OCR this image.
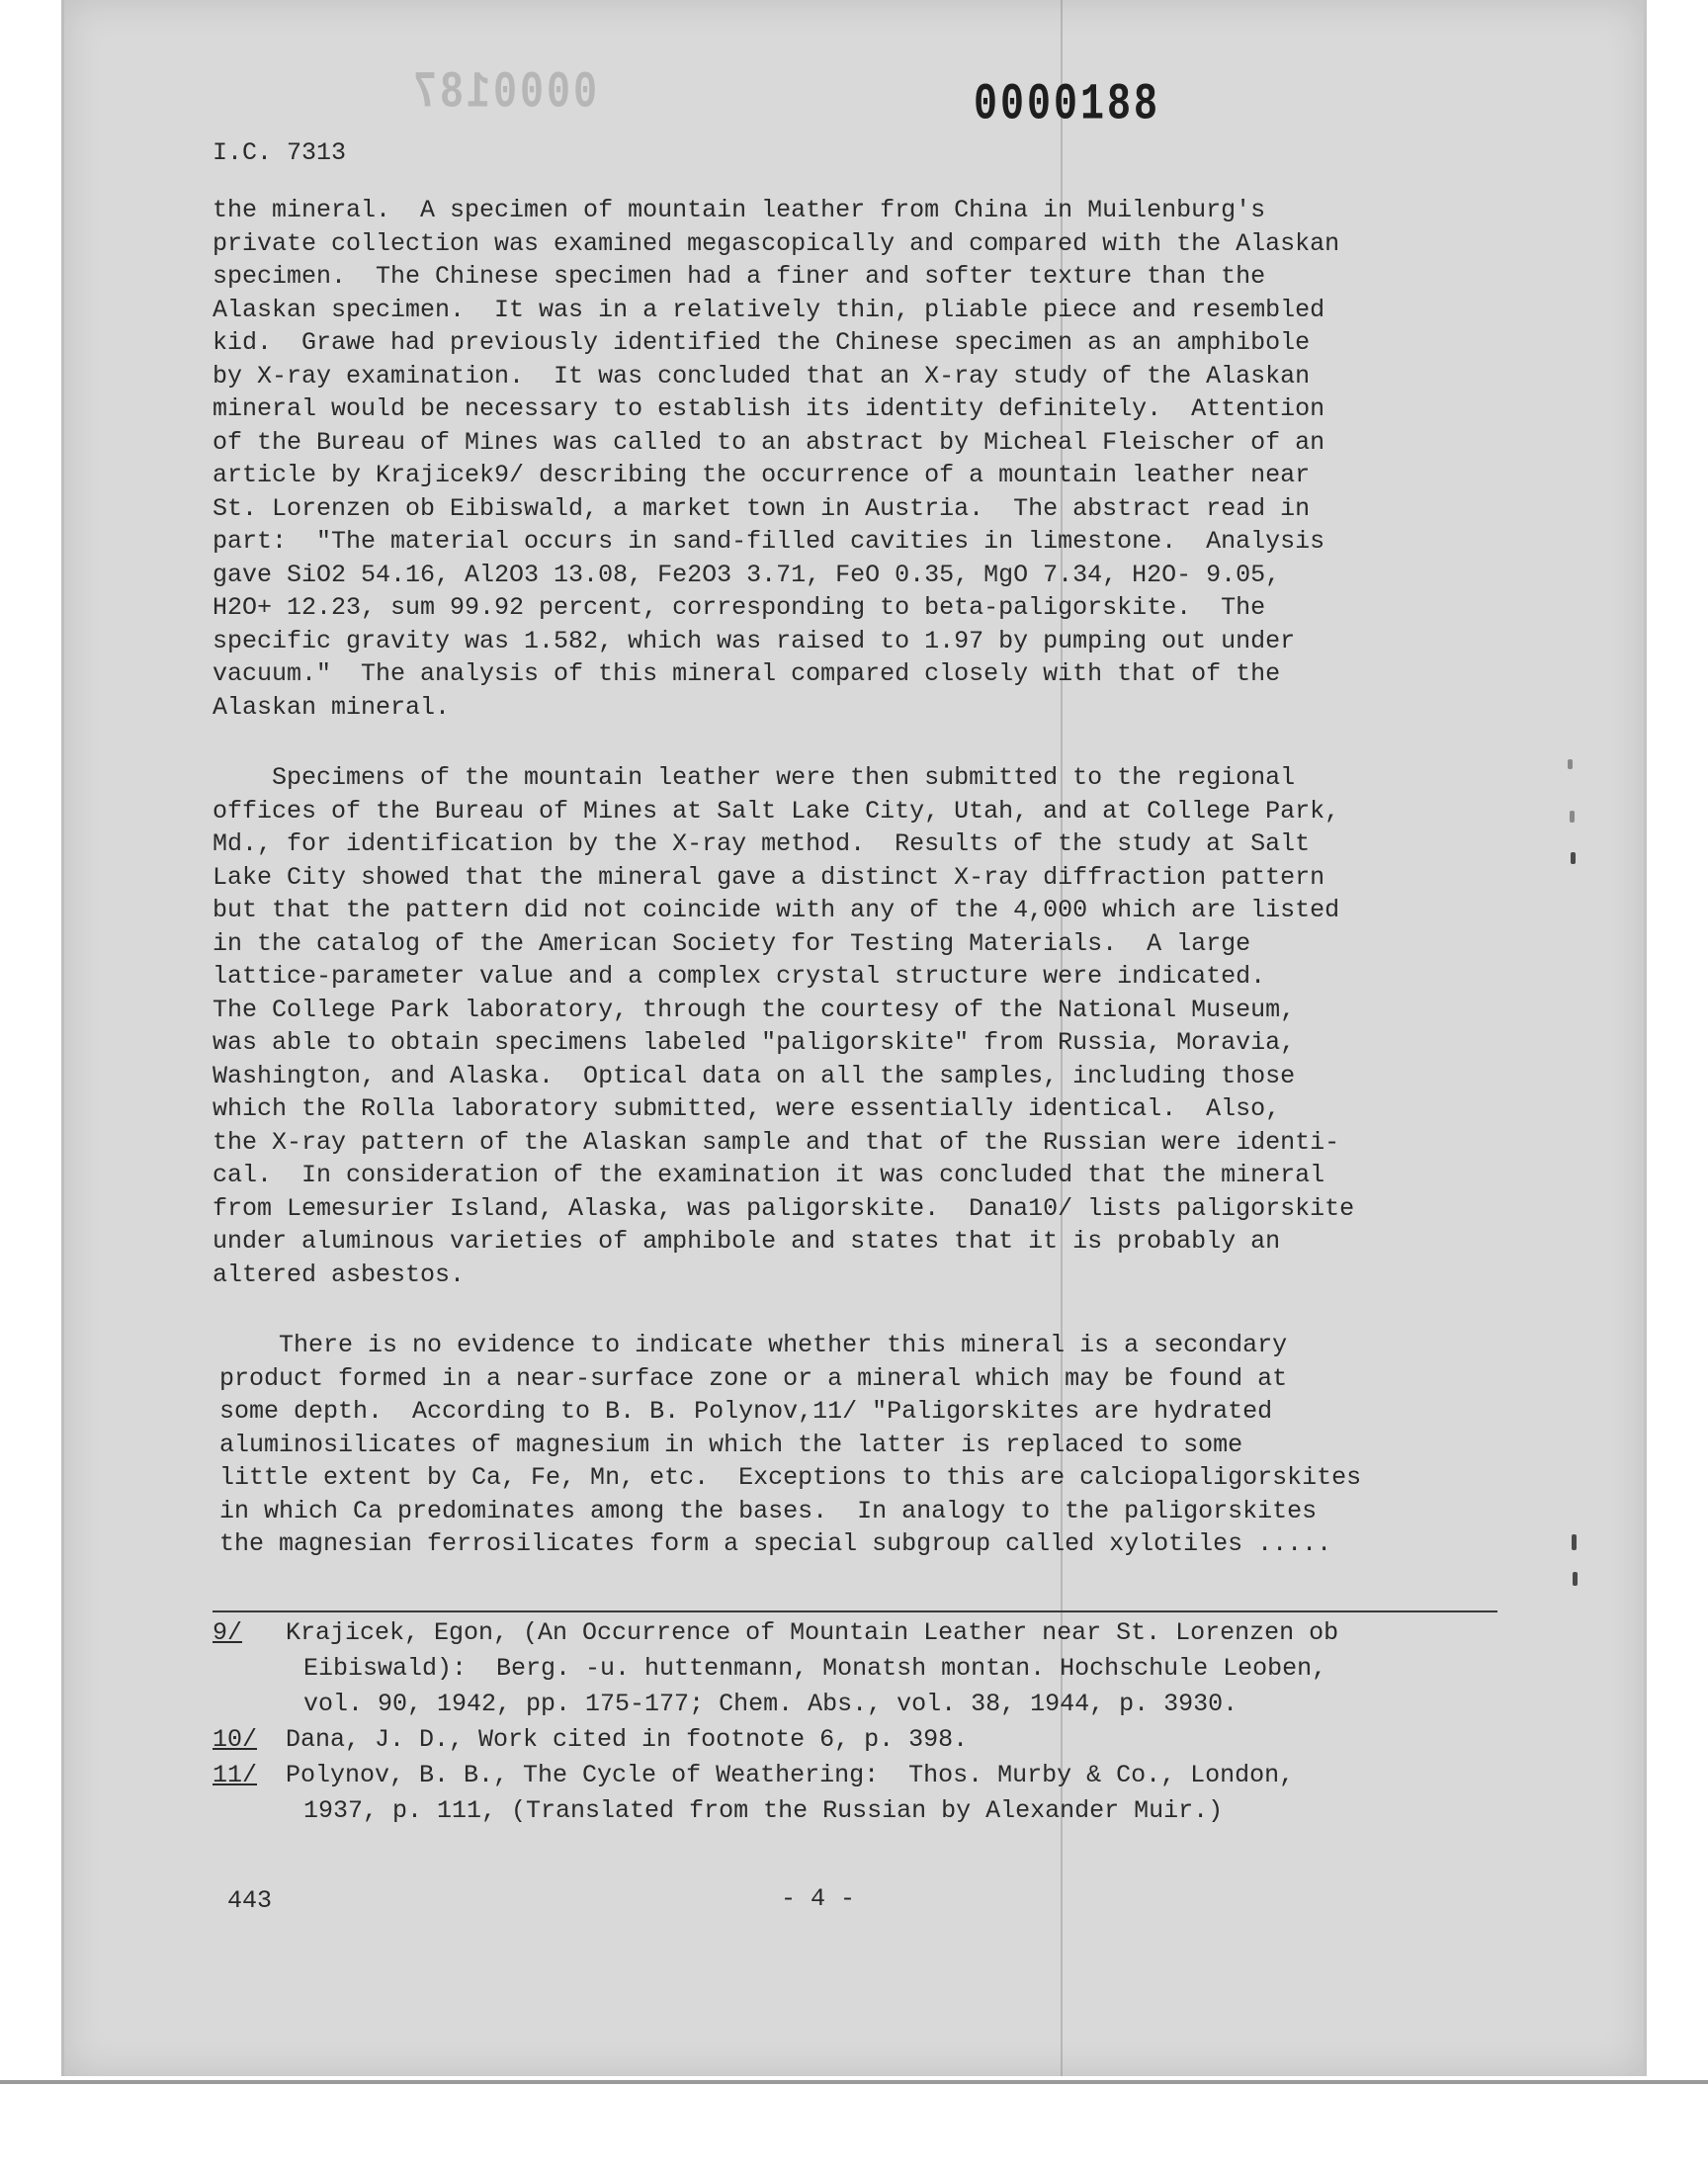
0000187	0000188
I.C. 7313
the mineral.  A specimen of mountain leather from China in Muilenburg's
private collection was examined megascopically and compared with the Alaskan
specimen.  The Chinese specimen had a finer and softer texture than the
Alaskan specimen.  It was in a relatively thin, pliable piece and resembled
kid.  Grawe had previously identified the Chinese specimen as an amphibole
by X-ray examination.  It was concluded that an X-ray study of the Alaskan
mineral would be necessary to establish its identity definitely.  Attention
of the Bureau of Mines was called to an abstract by Micheal Fleischer of an
article by Krajicek9/ describing the occurrence of a mountain leather near
St. Lorenzen ob Eibiswald, a market town in Austria.  The abstract read in
part:  "The material occurs in sand-filled cavities in limestone.  Analysis
gave SiO2 54.16, Al2O3 13.08, Fe2O3 3.71, FeO 0.35, MgO 7.34, H2O- 9.05,
H2O+ 12.23, sum 99.92 percent, corresponding to beta-paligorskite.  The
specific gravity was 1.582, which was raised to 1.97 by pumping out under
vacuum."  The analysis of this mineral compared closely with that of the
Alaskan mineral.
Specimens of the mountain leather were then submitted to the regional
offices of the Bureau of Mines at Salt Lake City, Utah, and at College Park,
Md., for identification by the X-ray method.  Results of the study at Salt
Lake City showed that the mineral gave a distinct X-ray diffraction pattern
but that the pattern did not coincide with any of the 4,000 which are listed
in the catalog of the American Society for Testing Materials.  A large
lattice-parameter value and a complex crystal structure were indicated.
The College Park laboratory, through the courtesy of the National Museum,
was able to obtain specimens labeled "paligorskite" from Russia, Moravia,
Washington, and Alaska.  Optical data on all the samples, including those
which the Rolla laboratory submitted, were essentially identical.  Also,
the X-ray pattern of the Alaskan sample and that of the Russian were identi-
cal.  In consideration of the examination it was concluded that the mineral
from Lemesurier Island, Alaska, was paligorskite.  Dana10/ lists paligorskite
under aluminous varieties of amphibole and states that it is probably an
altered asbestos.
There is no evidence to indicate whether this mineral is a secondary
product formed in a near-surface zone or a mineral which may be found at
some depth.  According to B. B. Polynov,11/ "Paligorskites are hydrated
aluminosilicates of magnesium in which the latter is replaced to some
little extent by Ca, Fe, Mn, etc.  Exceptions to this are calciopaligorskites
in which Ca predominates among the bases.  In analogy to the paligorskites
the magnesian ferrosilicates form a special subgroup called xylotiles .....
9/ Krajicek, Egon, (An Occurrence of Mountain Leather near St. Lorenzen ob
Eibiswald):  Berg. -u. huttenmann, Monatsh montan. Hochschule Leoben,
vol. 90, 1942, pp. 175-177; Chem. Abs., vol. 38, 1944, p. 3930.
10/ Dana, J. D., Work cited in footnote 6, p. 398.
11/ Polynov, B. B., The Cycle of Weathering:  Thos. Murby & Co., London,
1937, p. 111, (Translated from the Russian by Alexander Muir.)
443	- 4 -
